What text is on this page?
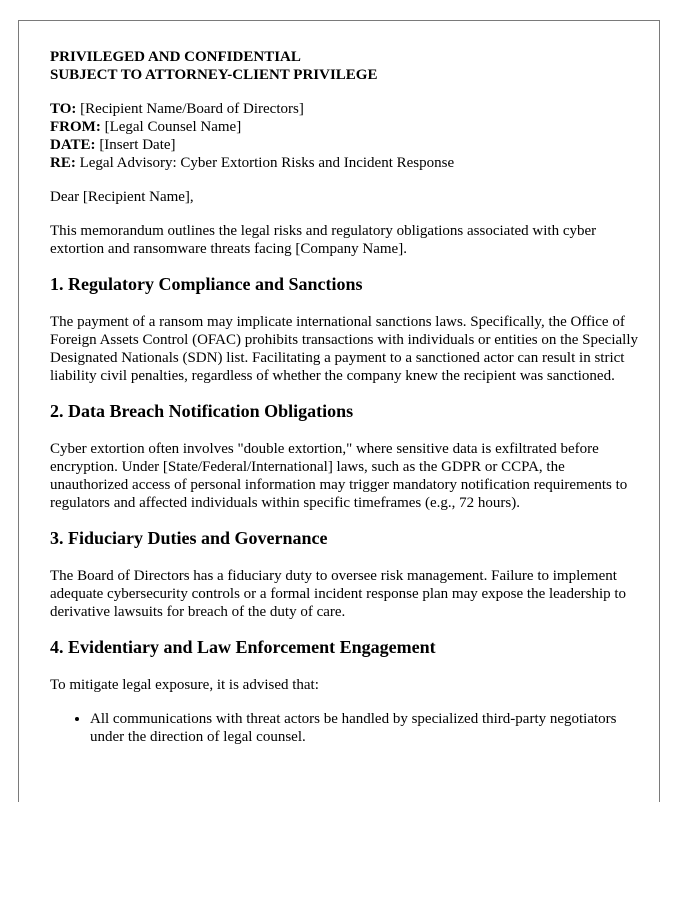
PRIVILEGED AND CONFIDENTIAL
SUBJECT TO ATTORNEY-CLIENT PRIVILEGE
TO: [Recipient Name/Board of Directors]
FROM: [Legal Counsel Name]
DATE: [Insert Date]
RE: Legal Advisory: Cyber Extortion Risks and Incident Response

Dear [Recipient Name],

This memorandum outlines the legal risks and regulatory obligations associated with cyber extortion and ransomware threats facing [Company Name].

1. Regulatory Compliance and Sanctions

The payment of a ransom may implicate international sanctions laws. Specifically, the Office of Foreign Assets Control (OFAC) prohibits transactions with individuals or entities on the Specially Designated Nationals (SDN) list. Facilitating a payment to a sanctioned actor can result in strict liability civil penalties, regardless of whether the company knew the recipient was sanctioned.

2. Data Breach Notification Obligations

Cyber extortion often involves "double extortion," where sensitive data is exfiltrated before encryption. Under [State/Federal/International] laws, such as the GDPR or CCPA, the unauthorized access of personal information may trigger mandatory notification requirements to regulators and affected individuals within specific timeframes (e.g., 72 hours).

3. Fiduciary Duties and Governance

The Board of Directors has a fiduciary duty to oversee risk management. Failure to implement adequate cybersecurity controls or a formal incident response plan may expose the leadership to derivative lawsuits for breach of the duty of care.

4. Evidentiary and Law Enforcement Engagement

To mitigate legal exposure, it is advised that:

• All communications with threat actors be handled by specialized third-party negotiators under the direction of legal counsel.
